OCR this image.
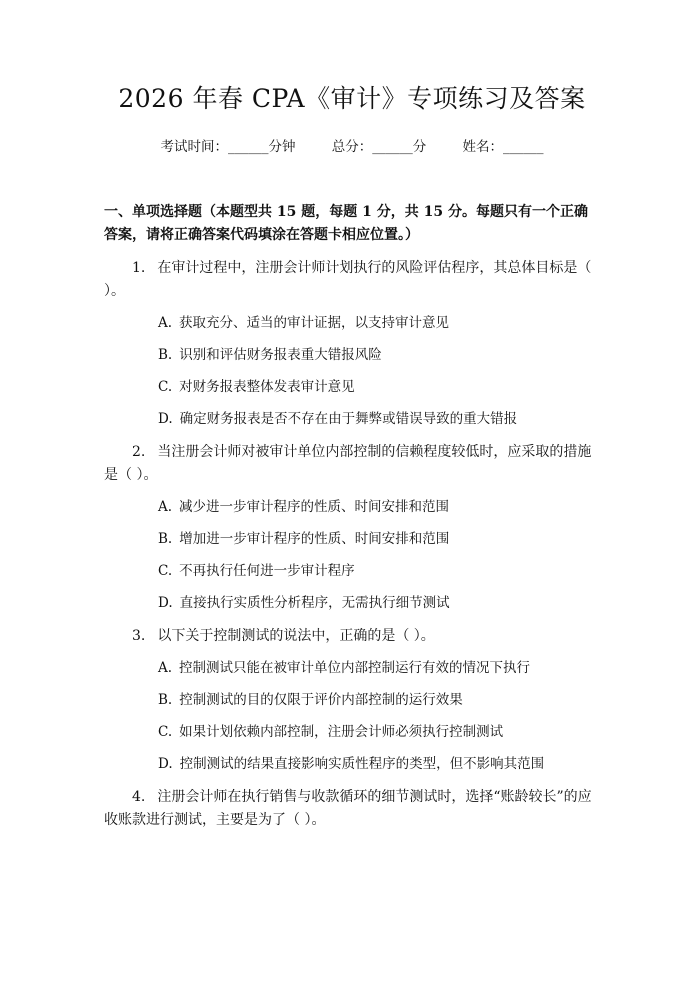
2026 年春 CPA《审计》专项练习及答案
考试时间：______分钟	总分：______分	姓名：______
一、单项选择题（本题型共 15 题，每题 1 分，共 15 分。每题只有一个正确答案，请将正确答案代码填涂在答题卡相应位置。）
1. 在审计过程中，注册会计师计划执行的风险评估程序，其总体目标是（ ）。
A. 获取充分、适当的审计证据，以支持审计意见
B. 识别和评估财务报表重大错报风险
C. 对财务报表整体发表审计意见
D. 确定财务报表是否不存在由于舞弊或错误导致的重大错报
2. 当注册会计师对被审计单位内部控制的信赖程度较低时，应采取的措施是（ ）。
A. 减少进一步审计程序的性质、时间安排和范围
B. 增加进一步审计程序的性质、时间安排和范围
C. 不再执行任何进一步审计程序
D. 直接执行实质性分析程序，无需执行细节测试
3. 以下关于控制测试的说法中，正确的是（ ）。
A. 控制测试只能在被审计单位内部控制运行有效的情况下执行
B. 控制测试的目的仅限于评价内部控制的运行效果
C. 如果计划依赖内部控制，注册会计师必须执行控制测试
D. 控制测试的结果直接影响实质性程序的类型，但不影响其范围
4. 注册会计师在执行销售与收款循环的细节测试时，选择“账龄较长”的应收账款进行测试，主要是为了（ ）。
